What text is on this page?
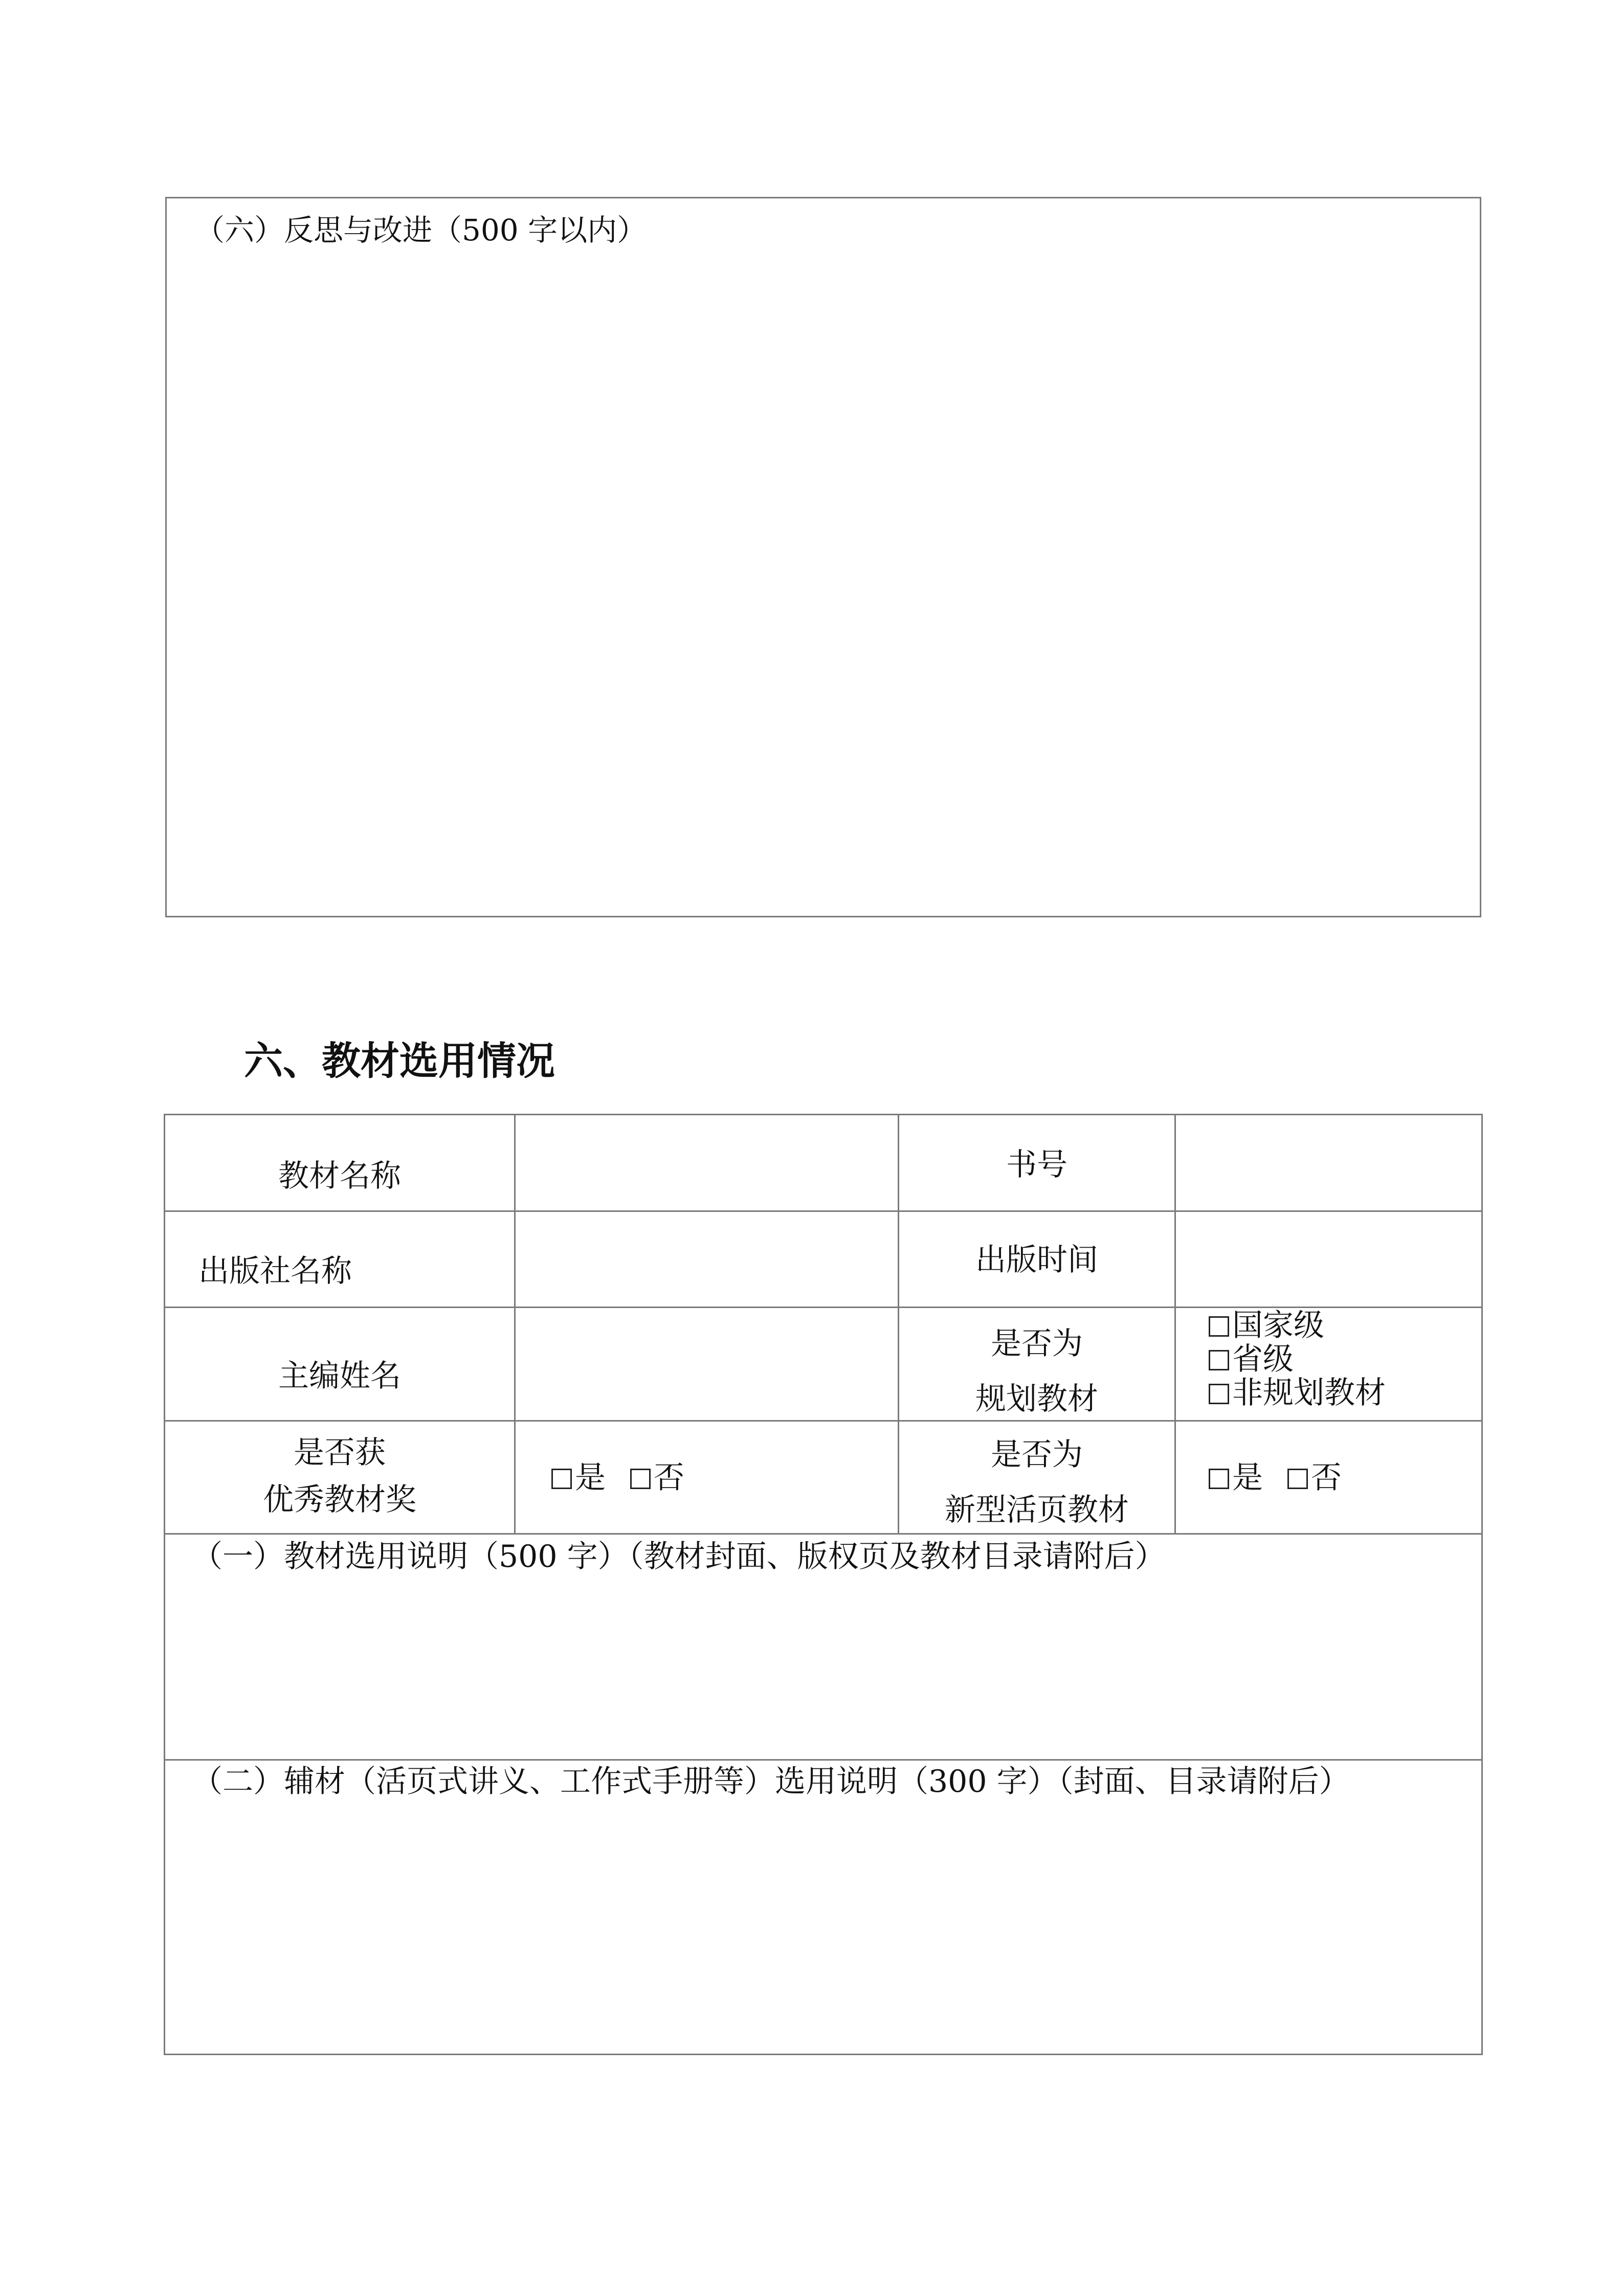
（六）反思与改进（500 字以内）
六、教材选用情况
教材名称	书号
出版社名称	出版时间
主编姓名
是否为
规划教材
国家级
省级
非规划教材
是否获
优秀教材奖
是 否
是否为
新型活页教材
是 否
（一）教材选用说明（500 字）（教材封面、版权页及教材目录请附后）
（二）辅材（活页式讲义、工作式手册等）选用说明（300 字）（封面、目录请附后）
